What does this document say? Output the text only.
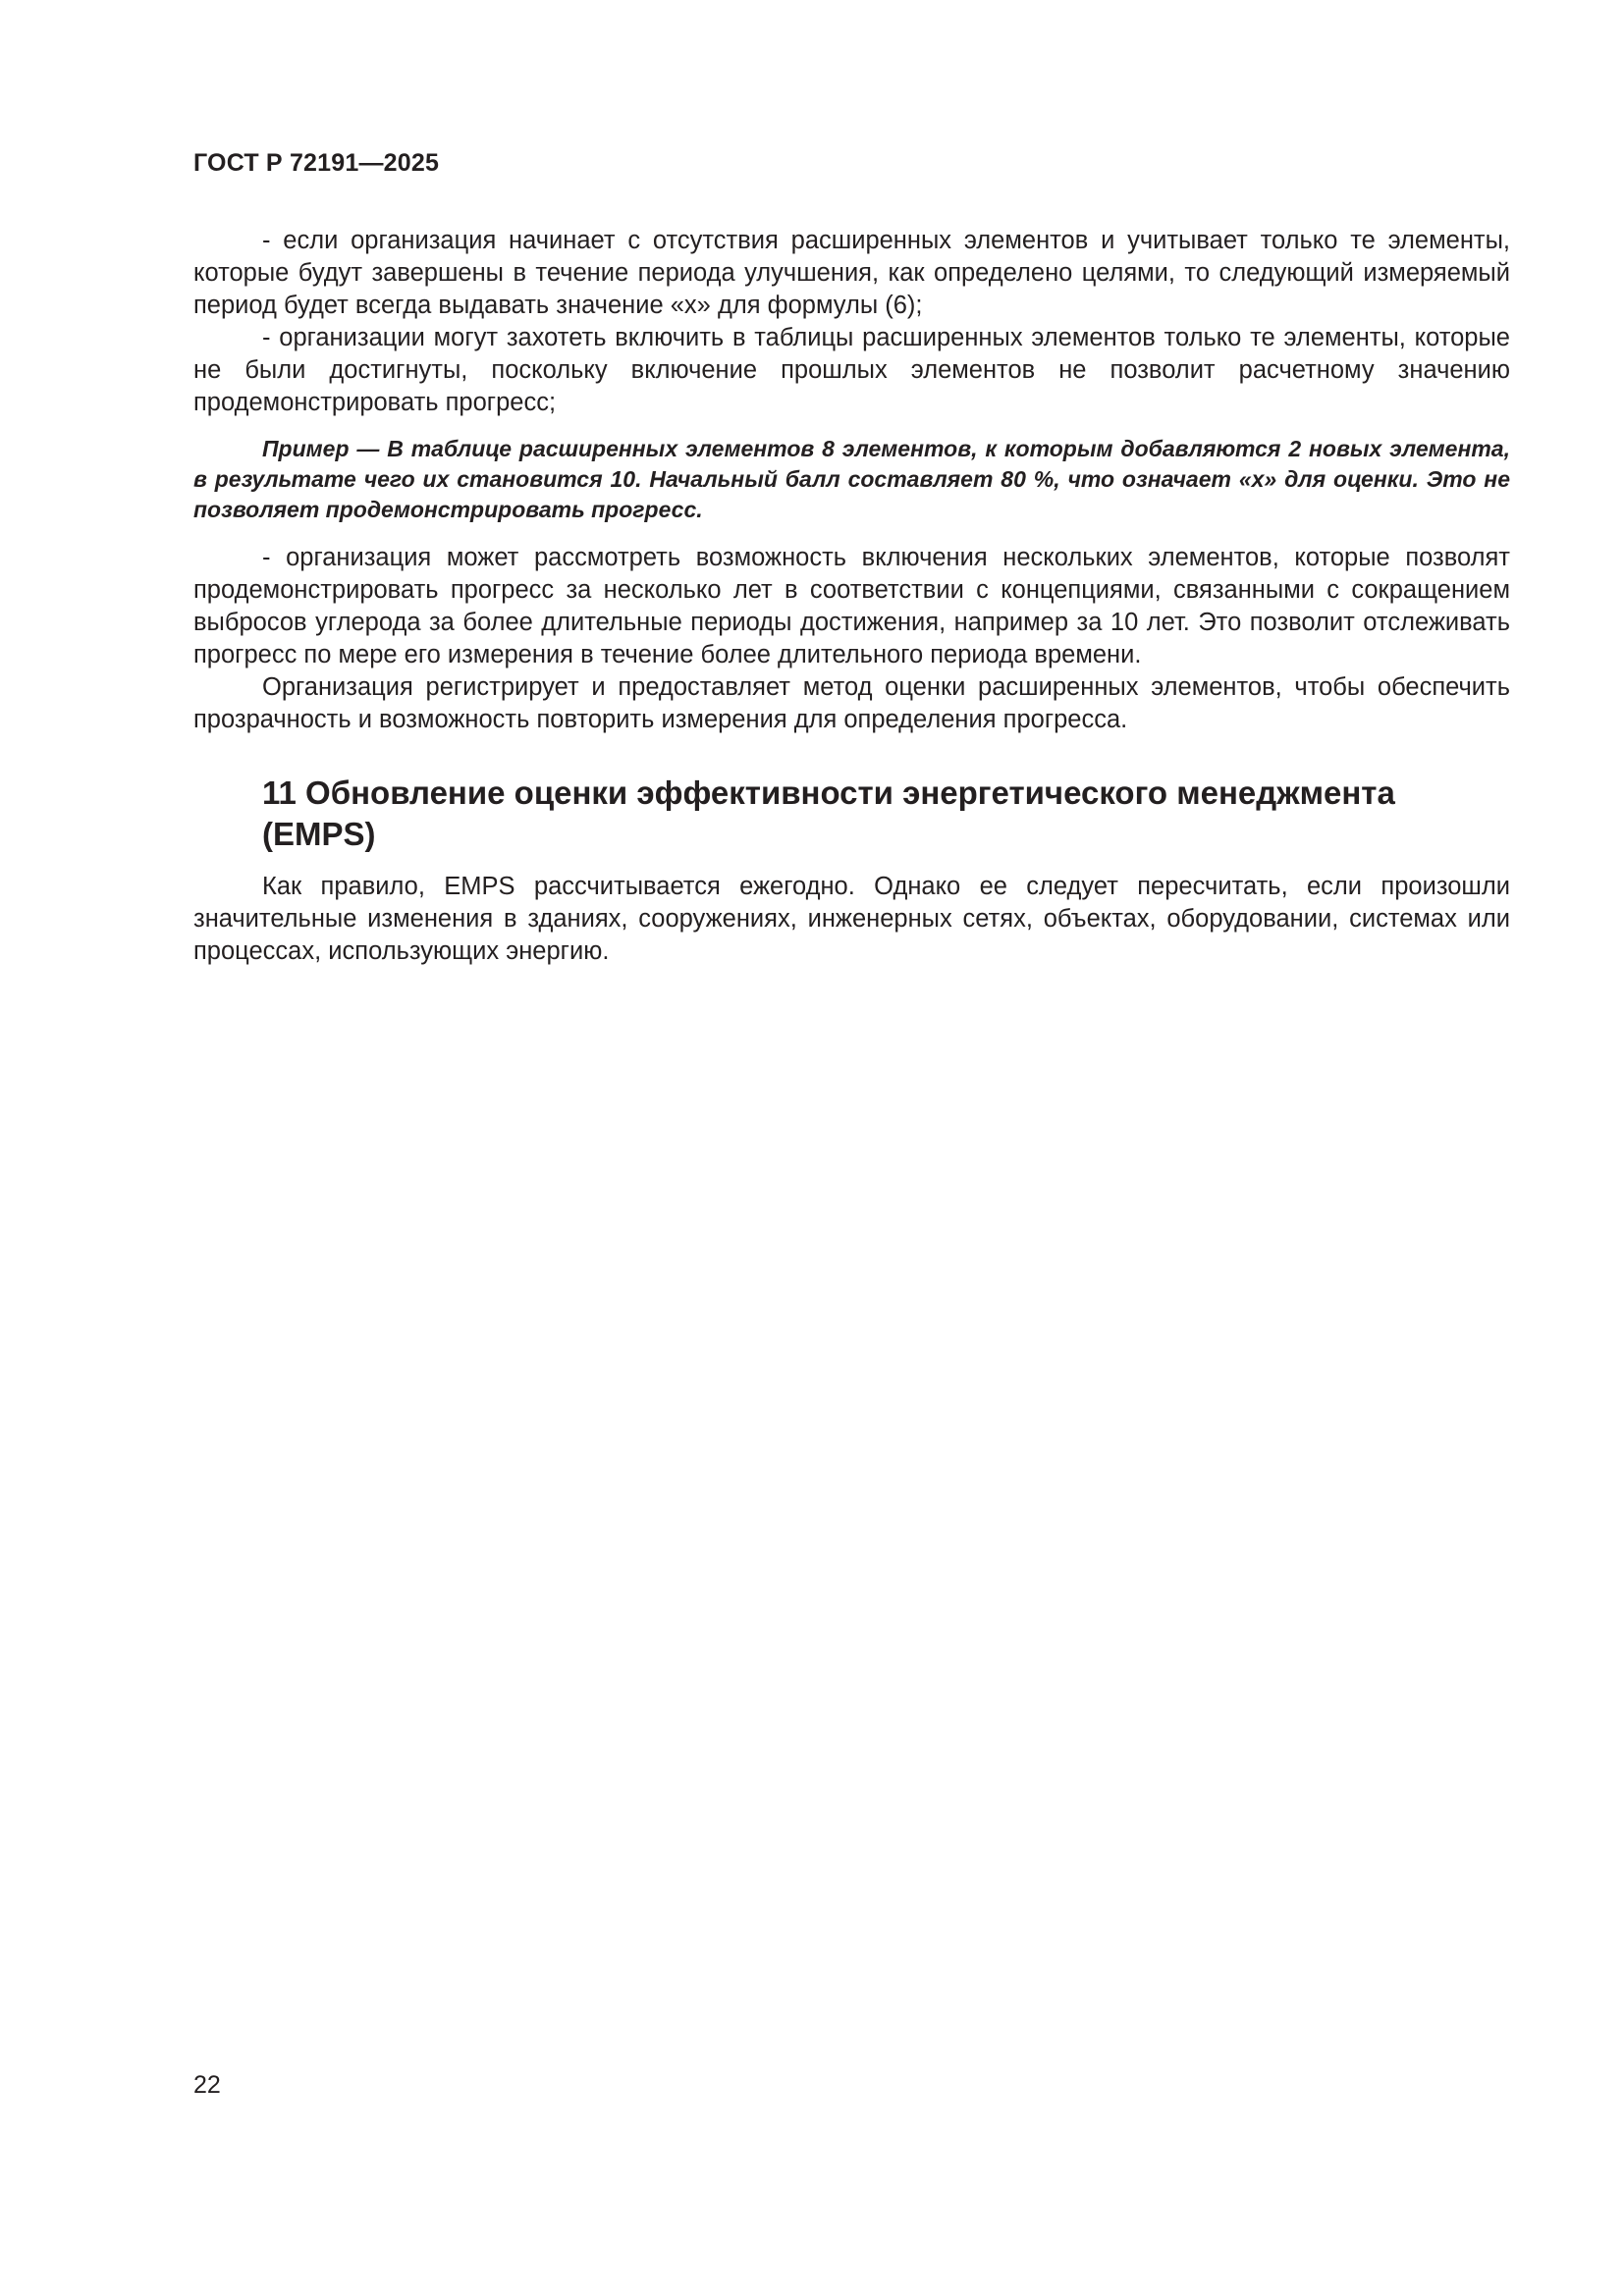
ГОСТ Р 72191—2025

- если организация начинает с отсутствия расширенных элементов и учитывает только те элементы, которые будут завершены в течение периода улучшения, как определено целями, то следующий измеряемый период будет всегда выдавать значение «x» для формулы (6);

- организации могут захотеть включить в таблицы расширенных элементов только те элементы, которые не были достигнуты, поскольку включение прошлых элементов не позволит расчетному значению продемонстрировать прогресс;

Пример — В таблице расширенных элементов 8 элементов, к которым добавляются 2 новых элемента, в результате чего их становится 10. Начальный балл составляет 80 %, что означает «x» для оценки. Это не позволяет продемонстрировать прогресс.

- организация может рассмотреть возможность включения нескольких элементов, которые позволят продемонстрировать прогресс за несколько лет в соответствии с концепциями, связанными с сокращением выбросов углерода за более длительные периоды достижения, например за 10 лет. Это позволит отслеживать прогресс по мере его измерения в течение более длительного периода времени.

Организация регистрирует и предоставляет метод оценки расширенных элементов, чтобы обеспечить прозрачность и возможность повторить измерения для определения прогресса.

11 Обновление оценки эффективности энергетического менеджмента (EMPS)

Как правило, EMPS рассчитывается ежегодно. Однако ее следует пересчитать, если произошли значительные изменения в зданиях, сооружениях, инженерных сетях, объектах, оборудовании, системах или процессах, использующих энергию.

22
